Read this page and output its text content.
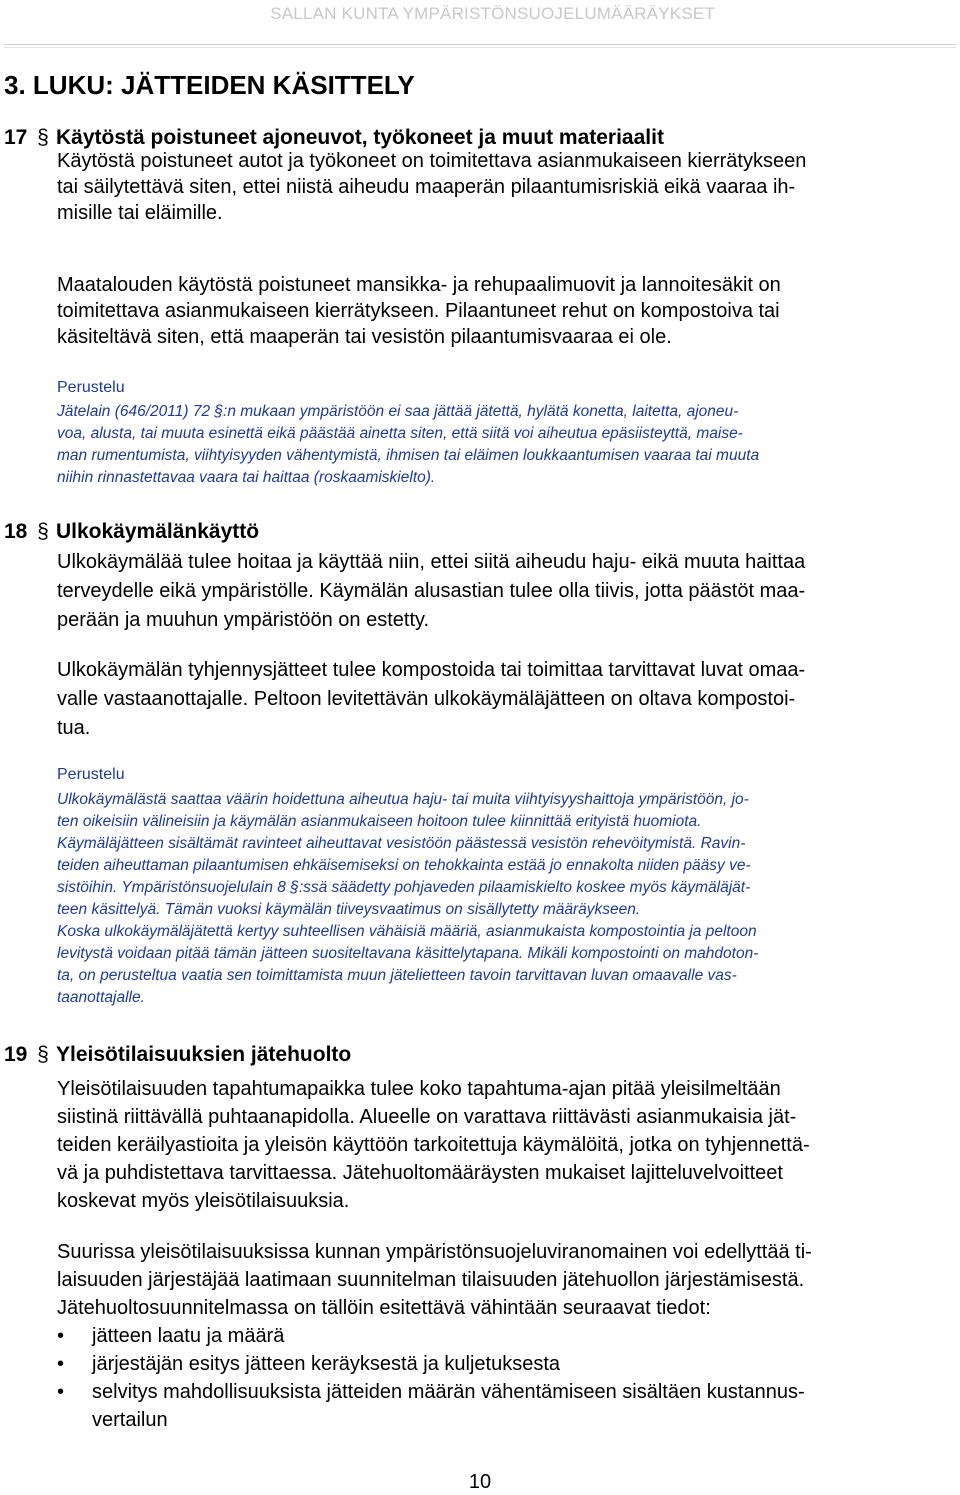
SALLAN KUNTA YMPÄRISTÖNSUOJELUMÄÄRÄYKSET
3. LUKU: JÄTTEIDEN KÄSITTELY
17 § Käytöstä poistuneet ajoneuvot, työkoneet ja muut materiaalit
Käytöstä poistuneet autot ja työkoneet on toimitettava asianmukaiseen kierrätykseen
tai säilytettävä siten, ettei niistä aiheudu maaperän pilaantumisriskiä eikä vaaraa ih-
misille tai eläimille.
Maatalouden käytöstä poistuneet mansikka- ja rehupaalimuovit ja lannoitesäkit on
toimitettava asianmukaiseen kierrätykseen. Pilaantuneet rehut on kompostoiva tai
käsiteltävä siten, että maaperän tai vesistön pilaantumisvaaraa ei ole.
Perustelu
Jätelain (646/2011) 72 §:n mukaan ympäristöön ei saa jättää jätettä, hylätä konetta, laitetta, ajoneu-
voa, alusta, tai muuta esinettä eikä päästää ainetta siten, että siitä voi aiheutua epäsiisteyttä, maise-
man rumentumista, viihtyisyyden vähentymistä, ihmisen tai eläimen loukkaantumisen vaaraa tai muuta
niihin rinnastettavaa vaara tai haittaa (roskaamiskielto).
18 § Ulkokäymälänkäyttö
Ulkokäymälää tulee hoitaa ja käyttää niin, ettei siitä aiheudu haju- eikä muuta haittaa
terveydelle eikä ympäristölle. Käymälän alusastian tulee olla tiivis, jotta päästöt maa-
perään ja muuhun ympäristöön on estetty.
Ulkokäymälän tyhjennysjätteet tulee kompostoida tai toimittaa tarvittavat luvat omaa-
valle vastaanottajalle. Peltoon levitettävän ulkokäymäläjätteen on oltava kompostoi-
tua.
Perustelu
Ulkokäymälästä saattaa väärin hoidettuna aiheutua haju- tai muita viihtyisyyshaittoja ympäristöön, jo-
ten oikeisiin välineisiin ja käymälän asianmukaiseen hoitoon tulee kiinnittää erityistä huomiota.
Käymäläjätteen sisältämät ravinteet aiheuttavat vesistöön päästessä vesistön rehevöitymistä. Ravin-
teiden aiheuttaman pilaantumisen ehkäisemiseksi on tehokkainta estää jo ennakolta niiden pääsy ve-
sistöihin. Ympäristönsuojelulain 8 §:ssä säädetty pohjaveden pilaamiskielto koskee myös käymäläjät-
teen käsittelyä. Tämän vuoksi käymälän tiiveysvaatimus on sisällytetty määräykseen.
Koska ulkokäymäläjätettä kertyy suhteellisen vähäisiä määriä, asianmukaista kompostointia ja peltoon
levitystä voidaan pitää tämän jätteen suositeltavana käsittelytapana. Mikäli kompostointi on mahdoton-
ta, on perusteltua vaatia sen toimittamista muun jätelietteen tavoin tarvittavan luvan omaavalle vas-
taanottajalle.
19 § Yleisötilaisuuksien jätehuolto
Yleisötilaisuuden tapahtumapaikka tulee koko tapahtuma-ajan pitää yleisilmeltään
siistinä riittävällä puhtaanapidolla. Alueelle on varattava riittävästi asianmukaisia jät-
teiden keräilyastioita ja yleisön käyttöön tarkoitettuja käymälöitä, jotka on tyhjennettä-
vä ja puhdistettava tarvittaessa. Jätehuoltomääräysten mukaiset lajitteluvelvoitteet
koskevat myös yleisötilaisuuksia.
Suurissa yleisötilaisuuksissa kunnan ympäristönsuojeluviranomainen voi edellyttää ti-
laisuuden järjestäjää laatimaan suunnitelman tilaisuuden jätehuollon järjestämisestä.
Jätehuoltosuunnitelmassa on tällöin esitettävä vähintään seuraavat tiedot:
• jätteen laatu ja määrä
• järjestäjän esitys jätteen keräyksestä ja kuljetuksesta
• selvitys mahdollisuuksista jätteiden määrän vähentämiseen sisältäen kustannus-
vertailun
10
